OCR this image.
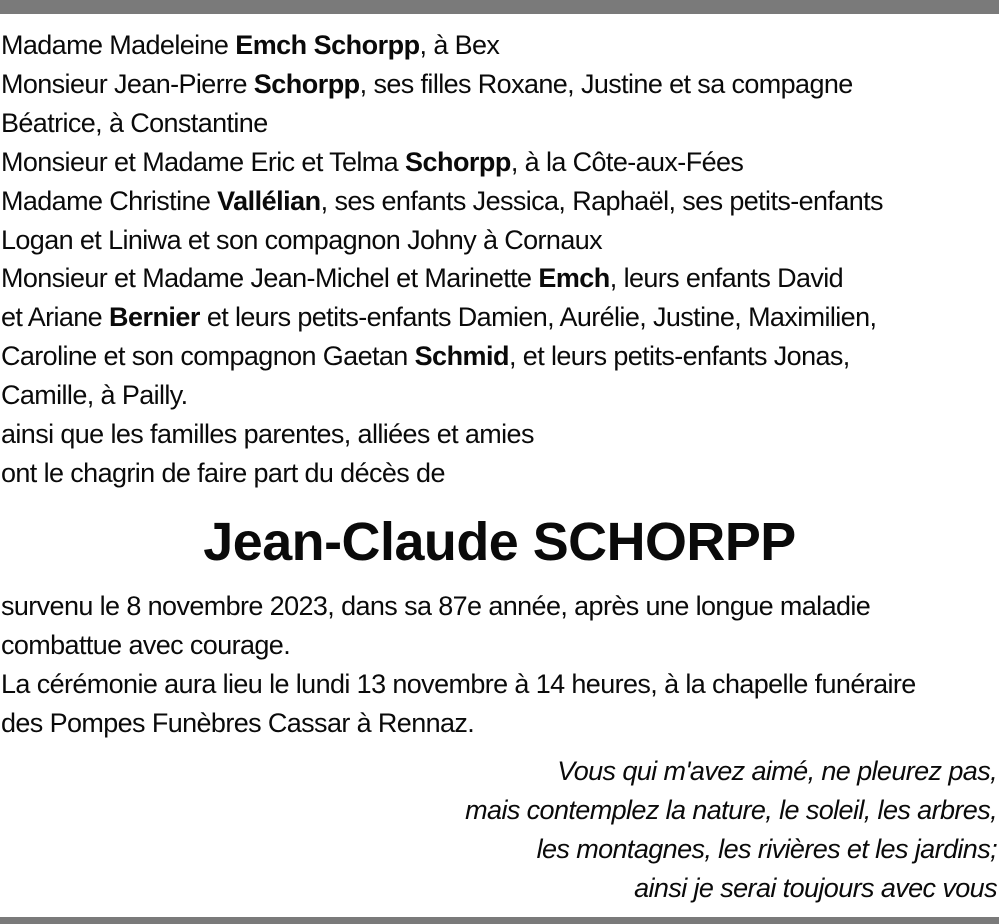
Madame Madeleine Emch Schorpp, à Bex
Monsieur Jean-Pierre Schorpp, ses filles Roxane, Justine et sa compagne
Béatrice, à Constantine
Monsieur et Madame Eric et Telma Schorpp, à la Côte-aux-Fées
Madame Christine Vallélian, ses enfants Jessica, Raphaël, ses petits-enfants
Logan et Liniwa et son compagnon Johny à Cornaux
Monsieur et Madame Jean-Michel et Marinette Emch, leurs enfants David
et Ariane Bernier et leurs petits-enfants Damien, Aurélie, Justine, Maximilien,
Caroline et son compagnon Gaetan Schmid, et leurs petits-enfants Jonas,
Camille, à Pailly.
ainsi que les familles parentes, alliées et amies
ont le chagrin de faire part du décès de
Jean-Claude SCHORPP
survenu le 8 novembre 2023, dans sa 87e année, après une longue maladie
combattue avec courage.
La cérémonie aura lieu le lundi 13 novembre à 14 heures, à la chapelle funéraire
des Pompes Funèbres Cassar à Rennaz.
Vous qui m'avez aimé, ne pleurez pas,
mais contemplez la nature, le soleil, les arbres,
les montagnes, les rivières et les jardins;
ainsi je serai toujours avec vous
